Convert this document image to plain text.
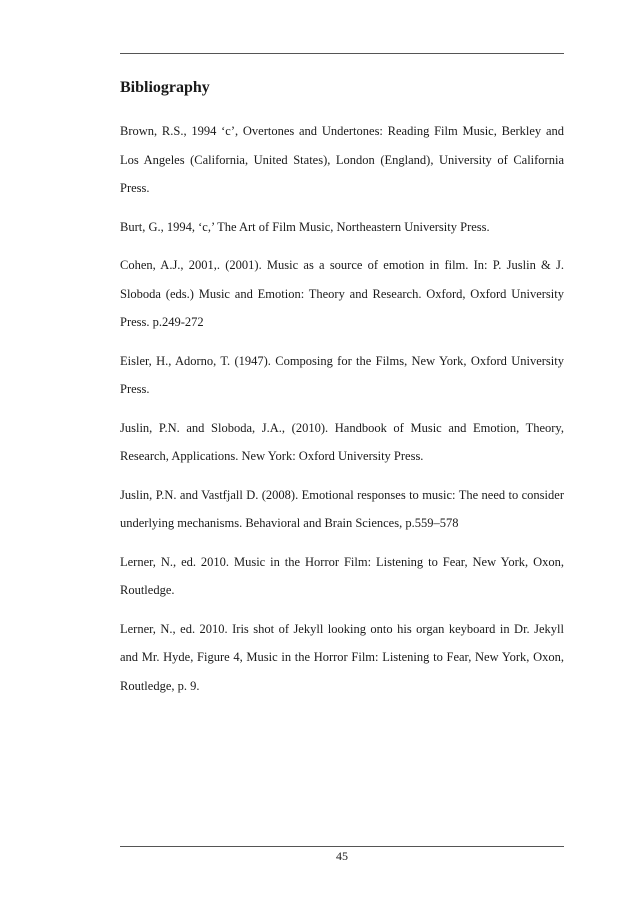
Bibliography

Brown, R.S., 1994 ‘c’, Overtones and Undertones: Reading Film Music, Berkley and Los Angeles (California, United States), London (England), University of California Press.

Burt, G., 1994, ‘c,’ The Art of Film Music, Northeastern University Press.

Cohen, A.J., 2001,. (2001). Music as a source of emotion in film. In: P. Juslin & J. Sloboda (eds.) Music and Emotion: Theory and Research. Oxford, Oxford University Press. p.249-272

Eisler, H., Adorno, T. (1947). Composing for the Films, New York, Oxford University Press.

Juslin, P.N. and Sloboda, J.A., (2010). Handbook of Music and Emotion, Theory, Research, Applications. New York: Oxford University Press.

Juslin, P.N. and Vastfjall D. (2008). Emotional responses to music: The need to consider underlying mechanisms. Behavioral and Brain Sciences, p.559–578

Lerner, N., ed. 2010. Music in the Horror Film: Listening to Fear, New York, Oxon, Routledge.

Lerner, N., ed. 2010. Iris shot of Jekyll looking onto his organ keyboard in Dr. Jekyll and Mr. Hyde, Figure 4, Music in the Horror Film: Listening to Fear, New York, Oxon, Routledge, p. 9.

45
